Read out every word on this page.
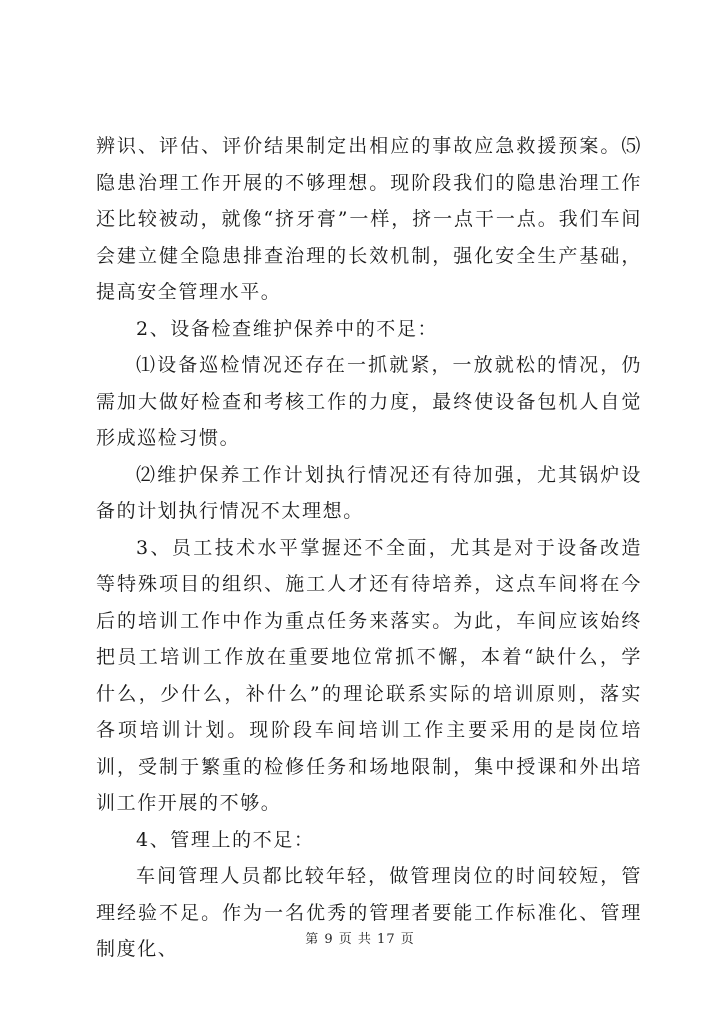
辨识、评估、评价结果制定出相应的事故应急救援预案。⑸隐患治理工作开展的不够理想。现阶段我们的隐患治理工作还比较被动，就像“挤牙膏”一样，挤一点干一点。我们车间会建立健全隐患排查治理的长效机制，强化安全生产基础，提高安全管理水平。

2、设备检查维护保养中的不足：

⑴设备巡检情况还存在一抓就紧，一放就松的情况，仍需加大做好检查和考核工作的力度，最终使设备包机人自觉形成巡检习惯。

⑵维护保养工作计划执行情况还有待加强，尤其锅炉设备的计划执行情况不太理想。

3、员工技术水平掌握还不全面，尤其是对于设备改造等特殊项目的组织、施工人才还有待培养，这点车间将在今后的培训工作中作为重点任务来落实。为此，车间应该始终把员工培训工作放在重要地位常抓不懈，本着“缺什么，学什么，少什么，补什么”的理论联系实际的培训原则，落实各项培训计划。现阶段车间培训工作主要采用的是岗位培训，受制于繁重的检修任务和场地限制，集中授课和外出培训工作开展的不够。

4、管理上的不足：

车间管理人员都比较年轻，做管理岗位的时间较短，管理经验不足。作为一名优秀的管理者要能工作标准化、管理制度化、	第 9 页 共 17 页
